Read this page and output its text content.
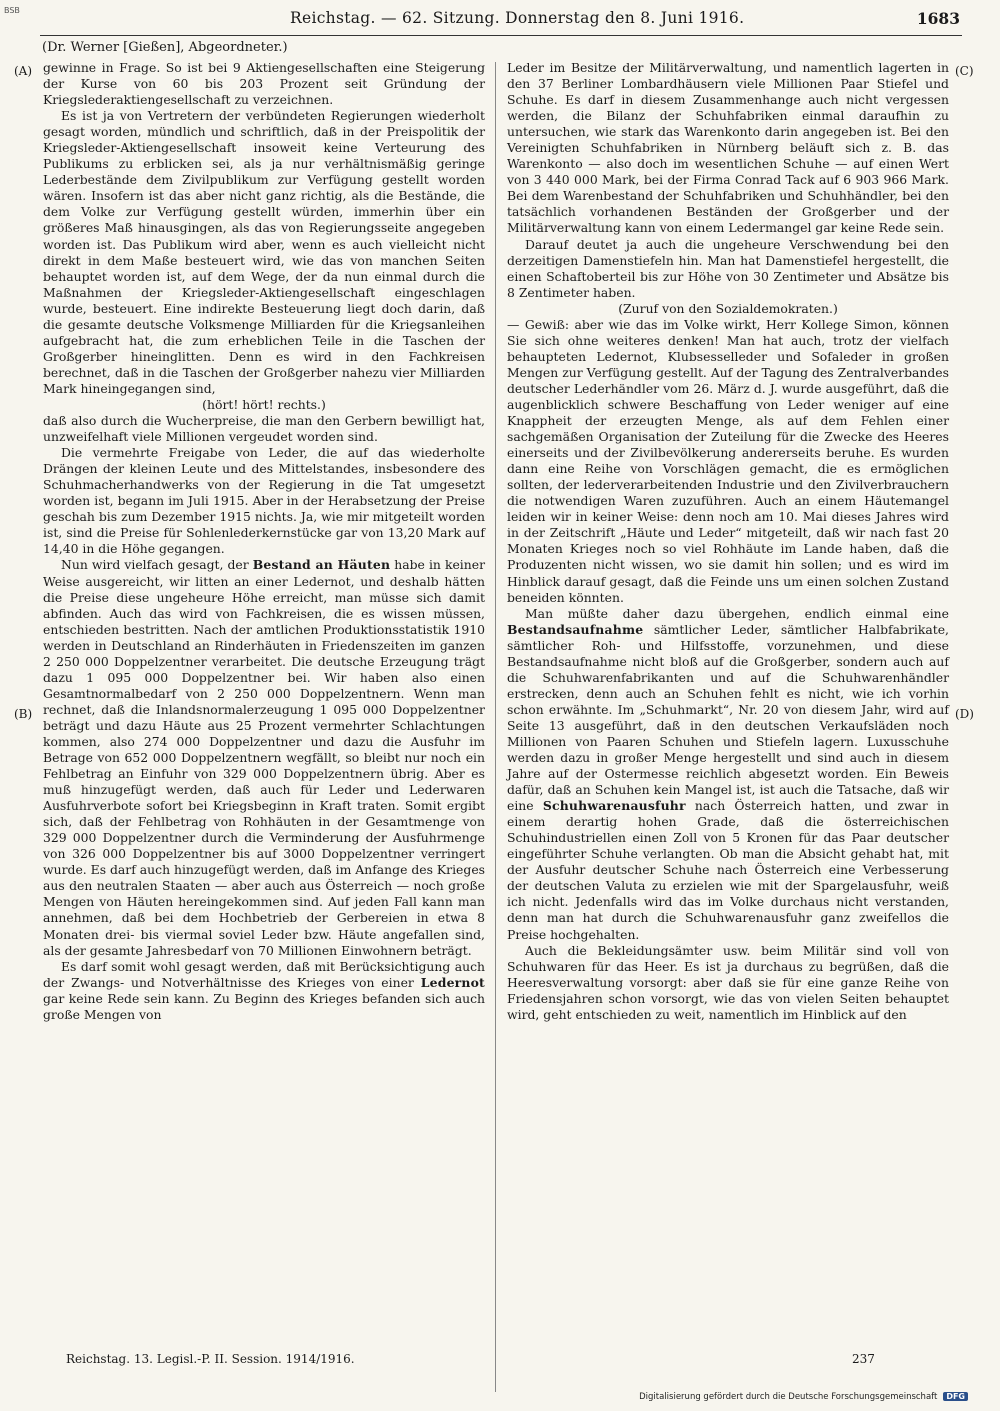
BSB	Reichstag. — 62. Sitzung. Donnerstag den 8. Juni 1916.	1683
(Dr. Werner [Gießen], Abgeordneter.)
(A)
(B)
(C)
(D)

gewinne in Frage. So ist bei 9 Aktiengesellschaften eine Steigerung der Kurse von 60 bis 203 Prozent seit Gründung der Kriegslederaktiengesellschaft zu verzeichnen.

Es ist ja von Vertretern der verbündeten Regierungen wiederholt gesagt worden, mündlich und schriftlich, daß in der Preispolitik der Kriegsleder-Aktiengesellschaft insoweit keine Verteurung des Publikums zu erblicken sei, als ja nur verhältnismäßig geringe Lederbestände dem Zivilpublikum zur Verfügung gestellt worden wären. Insofern ist das aber nicht ganz richtig, als die Bestände, die dem Volke zur Verfügung gestellt würden, immerhin über ein größeres Maß hinausgingen, als das von Regierungsseite angegeben worden ist. Das Publikum wird aber, wenn es auch vielleicht nicht direkt in dem Maße besteuert wird, wie das von manchen Seiten behauptet worden ist, auf dem Wege, der da nun einmal durch die Maßnahmen der Kriegsleder-Aktiengesellschaft eingeschlagen wurde, besteuert. Eine indirekte Besteuerung liegt doch darin, daß die gesamte deutsche Volksmenge Milliarden für die Kriegsanleihen aufgebracht hat, die zum erheblichen Teile in die Taschen der Großgerber hineinglitten. Denn es wird in den Fachkreisen berechnet, daß in die Taschen der Großgerber nahezu vier Milliarden Mark hineingegangen sind,

(hört! hört! rechts.)

daß also durch die Wucherpreise, die man den Gerbern bewilligt hat, unzweifelhaft viele Millionen vergeudet worden sind.

Die vermehrte Freigabe von Leder, die auf das wiederholte Drängen der kleinen Leute und des Mittelstandes, insbesondere des Schuhmacherhandwerks von der Regierung in die Tat umgesetzt worden ist, begann im Juli 1915. Aber in der Herabsetzung der Preise geschah bis zum Dezember 1915 nichts. Ja, wie mir mitgeteilt worden ist, sind die Preise für Sohlenlederkernstücke gar von 13,20 Mark auf 14,40 in die Höhe gegangen.

Nun wird vielfach gesagt, der Bestand an Häuten habe in keiner Weise ausgereicht, wir litten an einer Ledernot, und deshalb hätten die Preise diese ungeheure Höhe erreicht, man müsse sich damit abfinden. Auch das wird von Fachkreisen, die es wissen müssen, entschieden bestritten. Nach der amtlichen Produktionsstatistik 1910 werden in Deutschland an Rinderhäuten in Friedenszeiten im ganzen 2 250 000 Doppelzentner verarbeitet. Die deutsche Erzeugung trägt dazu 1 095 000 Doppelzentner bei. Wir haben also einen Gesamtnormalbedarf von 2 250 000 Doppelzentnern. Wenn man rechnet, daß die Inlandsnormalerzeugung 1 095 000 Doppelzentner beträgt und dazu Häute aus 25 Prozent vermehrter Schlachtungen kommen, also 274 000 Doppelzentner und dazu die Ausfuhr im Betrage von 652 000 Doppelzentnern wegfällt, so bleibt nur noch ein Fehlbetrag an Einfuhr von 329 000 Doppelzentnern übrig. Aber es muß hinzugefügt werden, daß auch für Leder und Lederwaren Ausfuhrverbote sofort bei Kriegsbeginn in Kraft traten. Somit ergibt sich, daß der Fehlbetrag von Rohhäuten in der Gesamtmenge von 329 000 Doppelzentner durch die Verminderung der Ausfuhrmenge von 326 000 Doppelzentner bis auf 3000 Doppelzentner verringert wurde. Es darf auch hinzugefügt werden, daß im Anfange des Krieges aus den neutralen Staaten — aber auch aus Österreich — noch große Mengen von Häuten hereingekommen sind. Auf jeden Fall kann man annehmen, daß bei dem Hochbetrieb der Gerbereien in etwa 8 Monaten drei- bis viermal soviel Leder bzw. Häute angefallen sind, als der gesamte Jahresbedarf von 70 Millionen Einwohnern beträgt.

Es darf somit wohl gesagt werden, daß mit Berücksichtigung auch der Zwangs- und Notverhältnisse des Krieges von einer Ledernot gar keine Rede sein kann. Zu Beginn des Krieges befanden sich auch große Mengen von

Leder im Besitze der Militärverwaltung, und namentlich lagerten in den 37 Berliner Lombardhäusern viele Millionen Paar Stiefel und Schuhe. Es darf in diesem Zusammenhange auch nicht vergessen werden, die Bilanz der Schuhfabriken einmal daraufhin zu untersuchen, wie stark das Warenkonto darin angegeben ist. Bei den Vereinigten Schuhfabriken in Nürnberg beläuft sich z. B. das Warenkonto — also doch im wesentlichen Schuhe — auf einen Wert von 3 440 000 Mark, bei der Firma Conrad Tack auf 6 903 966 Mark. Bei dem Warenbestand der Schuhfabriken und Schuhhändler, bei den tatsächlich vorhandenen Beständen der Großgerber und der Militärverwaltung kann von einem Ledermangel gar keine Rede sein.

Darauf deutet ja auch die ungeheure Verschwendung bei den derzeitigen Damenstiefeln hin. Man hat Damenstiefel hergestellt, die einen Schaftoberteil bis zur Höhe von 30 Zentimeter und Absätze bis 8 Zentimeter haben.

(Zuruf von den Sozialdemokraten.)

— Gewiß: aber wie das im Volke wirkt, Herr Kollege Simon, können Sie sich ohne weiteres denken! Man hat auch, trotz der vielfach behaupteten Ledernot, Klubsesselleder und Sofaleder in großen Mengen zur Verfügung gestellt. Auf der Tagung des Zentralverbandes deutscher Lederhändler vom 26. März d. J. wurde ausgeführt, daß die augenblicklich schwere Beschaffung von Leder weniger auf eine Knappheit der erzeugten Menge, als auf dem Fehlen einer sachgemäßen Organisation der Zuteilung für die Zwecke des Heeres einerseits und der Zivilbevölkerung andererseits beruhe. Es wurden dann eine Reihe von Vorschlägen gemacht, die es ermöglichen sollten, der lederverarbeitenden Industrie und den Zivilverbrauchern die notwendigen Waren zuzuführen. Auch an einem Häutemangel leiden wir in keiner Weise: denn noch am 10. Mai dieses Jahres wird in der Zeitschrift „Häute und Leder“ mitgeteilt, daß wir nach fast 20 Monaten Krieges noch so viel Rohhäute im Lande haben, daß die Produzenten nicht wissen, wo sie damit hin sollen; und es wird im Hinblick darauf gesagt, daß die Feinde uns um einen solchen Zustand beneiden könnten.

Man müßte daher dazu übergehen, endlich einmal eine Bestandsaufnahme sämtlicher Leder, sämtlicher Halbfabrikate, sämtlicher Roh- und Hilfsstoffe, vorzunehmen, und diese Bestandsaufnahme nicht bloß auf die Großgerber, sondern auch auf die Schuhwarenfabrikanten und auf die Schuhwarenhändler erstrecken, denn auch an Schuhen fehlt es nicht, wie ich vorhin schon erwähnte. Im „Schuhmarkt“, Nr. 20 von diesem Jahr, wird auf Seite 13 ausgeführt, daß in den deutschen Verkaufsläden noch Millionen von Paaren Schuhen und Stiefeln lagern. Luxusschuhe werden dazu in großer Menge hergestellt und sind auch in diesem Jahre auf der Ostermesse reichlich abgesetzt worden. Ein Beweis dafür, daß an Schuhen kein Mangel ist, ist auch die Tatsache, daß wir eine Schuhwarenausfuhr nach Österreich hatten, und zwar in einem derartig hohen Grade, daß die österreichischen Schuhindustriellen einen Zoll von 5 Kronen für das Paar deutscher eingeführter Schuhe verlangten. Ob man die Absicht gehabt hat, mit der Ausfuhr deutscher Schuhe nach Österreich eine Verbesserung der deutschen Valuta zu erzielen wie mit der Spargelausfuhr, weiß ich nicht. Jedenfalls wird das im Volke durchaus nicht verstanden, denn man hat durch die Schuhwarenausfuhr ganz zweifellos die Preise hochgehalten.

Auch die Bekleidungsämter usw. beim Militär sind voll von Schuhwaren für das Heer. Es ist ja durchaus zu begrüßen, daß die Heeresverwaltung vorsorgt: aber daß sie für eine ganze Reihe von Friedensjahren schon vorsorgt, wie das von vielen Seiten behauptet wird, geht entschieden zu weit, namentlich im Hinblick auf den

Reichstag. 13. Legisl.-P. II. Session. 1914/1916.	237
Digitalisierung gefördert durch die Deutsche Forschungsgemeinschaft DFG
